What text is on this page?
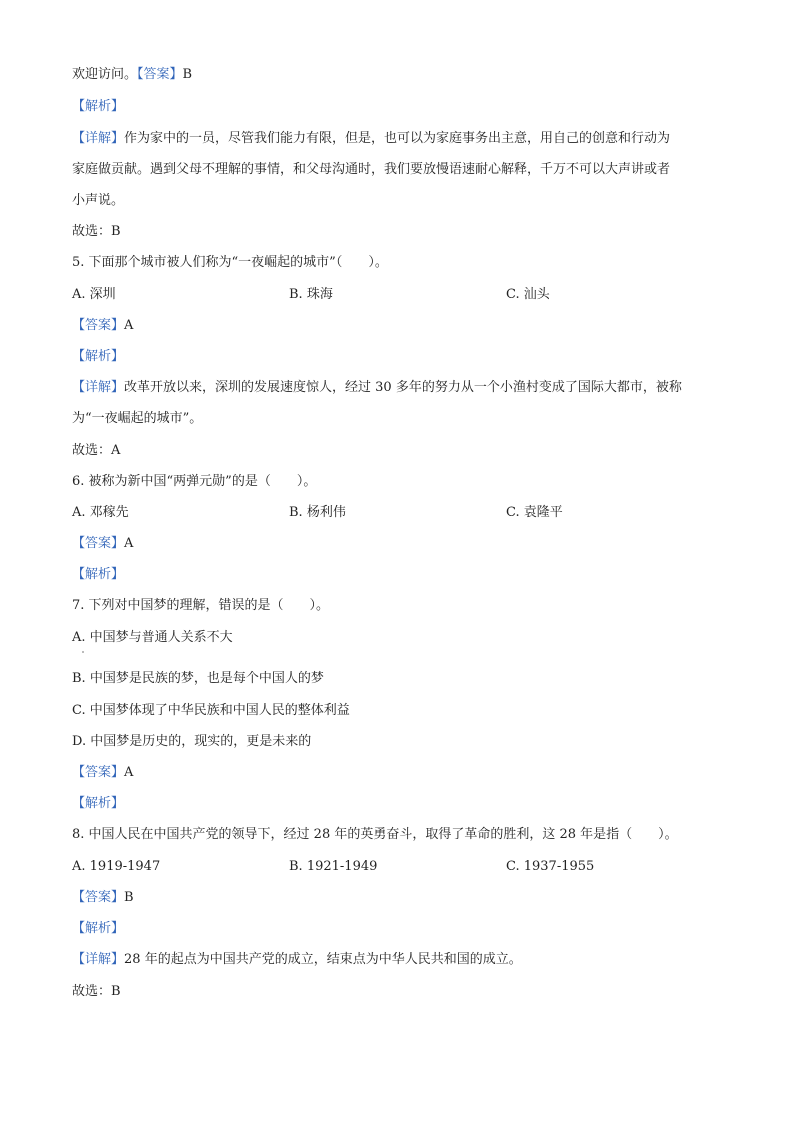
欢迎访问。【答案】B
【解析】
【详解】作为家中的一员，尽管我们能力有限，但是，也可以为家庭事务出主意，用自己的创意和行动为
家庭做贡献。遇到父母不理解的事情，和父母沟通时，我们要放慢语速耐心解释，千万不可以大声讲或者
小声说。
故选：B
5. 下面那个城市被人们称为“一夜崛起的城市”（　　）。
A. 深圳	B. 珠海	C. 汕头
【答案】A
【解析】
【详解】改革开放以来，深圳的发展速度惊人，经过 30 多年的努力从一个小渔村变成了国际大都市，被称
为“一夜崛起的城市”。
故选：A
6. 被称为新中国“两弹元勋”的是（　　）。
A. 邓稼先	B. 杨利伟	C. 袁隆平
【答案】A
【解析】
7. 下列对中国梦的理解，错误的是（　　）。
A. 中国梦与普通人关系不大
B. 中国梦是民族的梦，也是每个中国人的梦
C. 中国梦体现了中华民族和中国人民的整体利益
D. 中国梦是历史的，现实的，更是未来的
【答案】A
【解析】
8. 中国人民在中国共产党的领导下，经过 28 年的英勇奋斗，取得了革命的胜利，这 28 年是指（　　）。
A. 1919-1947	B. 1921-1949	C. 1937-1955
【答案】B
【解析】
【详解】28 年的起点为中国共产党的成立，结束点为中华人民共和国的成立。
故选：B
